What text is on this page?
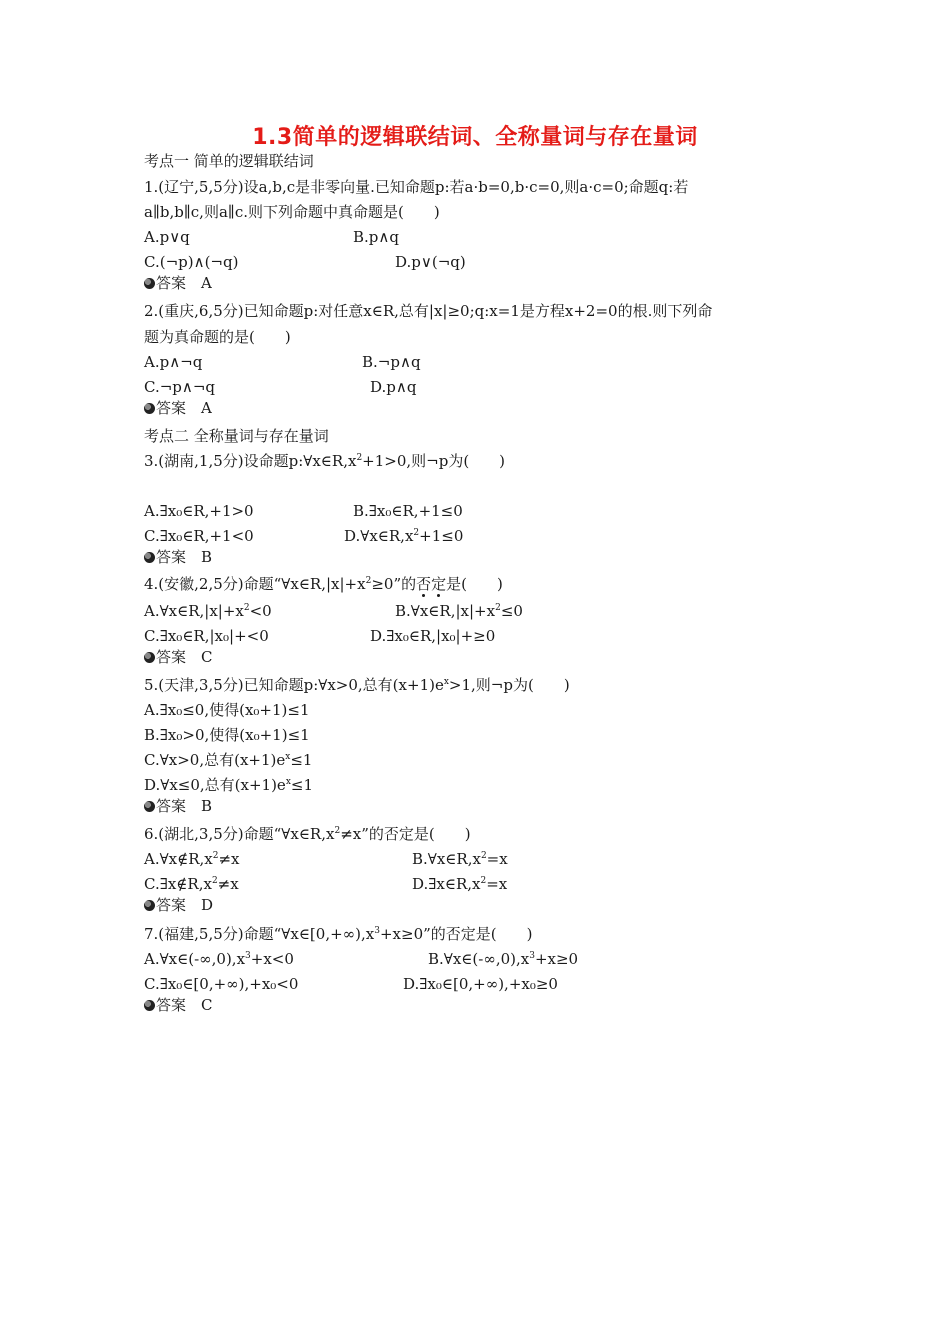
1.3简单的逻辑联结词、全称量词与存在量词
考点一 简单的逻辑联结词
1.(辽宁,5,5分)设a,b,c是非零向量.已知命题p:若a·b=0,b·c=0,则a·c=0;命题q:若
a∥b,b∥c,则a∥c.则下列命题中真命题是(　　)
A.p∨q	B.p∧q
C.(¬p)∧(¬q)	D.p∨(¬q)
答案　A
2.(重庆,6,5分)已知命题p:对任意x∈R,总有|x|≥0;q:x=1是方程x+2=0的根.则下列命
题为真命题的是(　　)
A.p∧¬q	B.¬p∧q
C.¬p∧¬q	D.p∧q
答案　A
考点二 全称量词与存在量词
3.(湖南,1,5分)设命题$p:\forall x\in R,x^2+1>0$,则¬p为(　　)
A.∃x₀∈R,+1>0	B.∃x₀∈R,+1≤0
C.∃x₀∈R,+1<0	$D.\forall x\in R,x^2+1\le 0$
答案　B
4.(安徽,2,5分)命题“$\forall x\in R,|x|+x^2\ge 0$”的否定是(　　)
$A.\forall x\in R,|x|+x^2<0$	$B.\forall x\in R,|x|+x^2\le 0$
C.∃x₀∈R,|x₀|+<0	D.∃x₀∈R,|x₀|+≥0
答案　C
5.(天津,3,5分)已知命题p:∀x>0,总有$(x+1)e^x>1$,则¬p为(　　)
A.∃x₀≤0,使得(x₀+1)≤1
B.∃x₀>0,使得(x₀+1)≤1
C.∀x>0,总有$(x+1)e^x\le 1$
D.∀x≤0,总有$(x+1)e^x\le 1$
答案　B
6.(湖北,3,5分)命题“$\forall x\in R,x^2\ne x$”的否定是(　　)
$A.\forall x\notin R,x^2\ne x$	$B.\forall x\in R,x^2=x$
$C.\exists x\notin R,x^2\ne x$	$D.\exists x\in R,x^2=x$
答案　D
7.(福建,5,5分)命题“$\forall x\in[0,+\infty),x^3+x\ge 0$”的否定是(　　)
$A.\forall x\in(-\infty,0),x^3+x<0$	$B.\forall x\in(-\infty,0),x^3+x\ge 0$
C.∃x₀∈[0,+∞),+x₀<0	D.∃x₀∈[0,+∞),+x₀≥0
答案　C
